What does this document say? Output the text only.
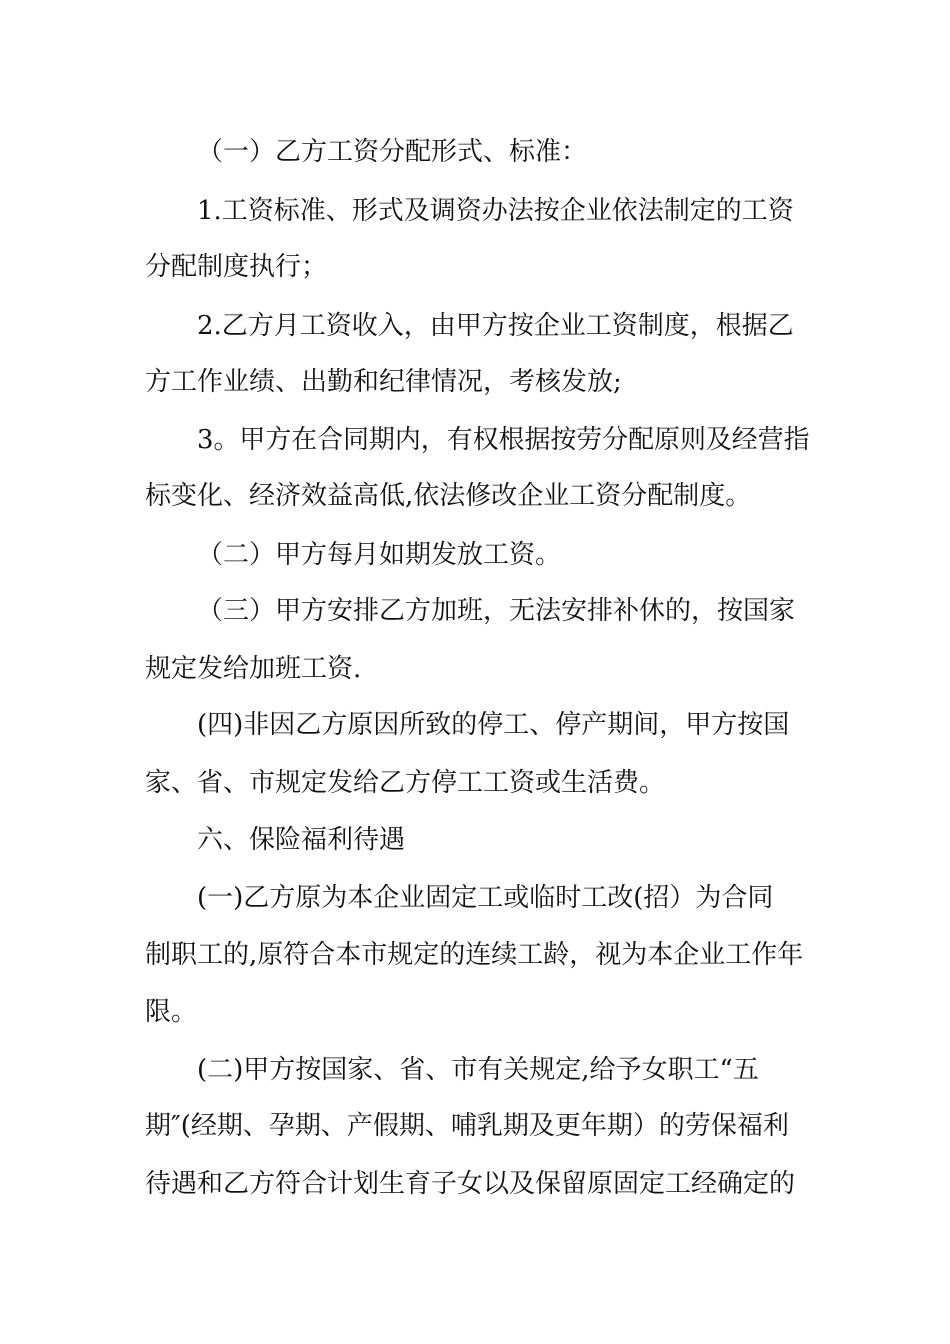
（一）乙方工资分配形式、标准：
1.工资标准、形式及调资办法按企业依法制定的工资
分配制度执行；
2.乙方月工资收入，由甲方按企业工资制度，根据乙
方工作业绩、出勤和纪律情况，考核发放;
3。甲方在合同期内，有权根据按劳分配原则及经营指
标变化、经济效益高低,依法修改企业工资分配制度。
（二）甲方每月如期发放工资。
（三）甲方安排乙方加班，无法安排补休的，按国家
规定发给加班工资.
(四)非因乙方原因所致的停工、停产期间，甲方按国
家、省、市规定发给乙方停工工资或生活费。
六、保险福利待遇
(一)乙方原为本企业固定工或临时工改(招）为合同
制职工的,原符合本市规定的连续工龄，视为本企业工作年
限。
(二)甲方按国家、省、市有关规定,给予女职工“五
期″(经期、孕期、产假期、哺乳期及更年期）的劳保福利
待遇和乙方符合计划生育子女以及保留原固定工经确定的
